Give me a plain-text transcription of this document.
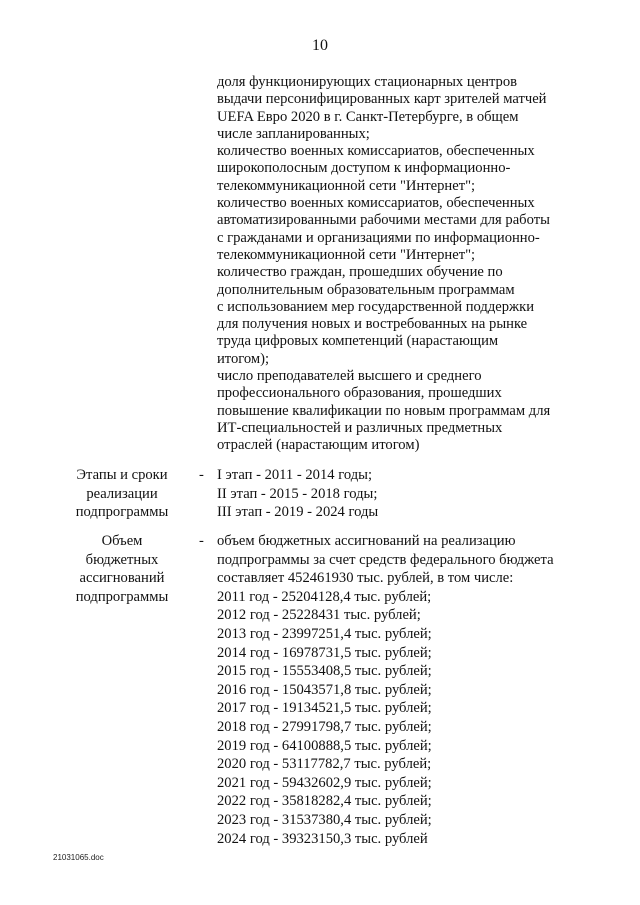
10
доля функционирующих стационарных центров
выдачи персонифицированных карт зрителей матчей
UEFA Евро 2020 в г. Санкт-Петербурге, в общем
числе запланированных;
количество военных комиссариатов, обеспеченных
широкополосным доступом к информационно-
телекоммуникационной сети "Интернет";
количество военных комиссариатов, обеспеченных
автоматизированными рабочими местами для работы
с гражданами и организациями по информационно-
телекоммуникационной сети "Интернет";
количество граждан, прошедших обучение по
дополнительным образовательным программам
с использованием мер государственной поддержки
для получения новых и востребованных на рынке
труда цифровых компетенций (нарастающим
итогом);
число преподавателей высшего и среднего
профессионального образования, прошедших
повышение квалификации по новым программам для
ИТ-специальностей и различных предметных
отраслей (нарастающим итогом)
Этапы и сроки
реализации
подпрограммы
- I этап - 2011 - 2014 годы;
II этап - 2015 - 2018 годы;
III этап - 2019 - 2024 годы
Объем
бюджетных
ассигнований
подпрограммы
- объем бюджетных ассигнований на реализацию
подпрограммы за счет средств федерального бюджета
составляет 452461930 тыс. рублей, в том числе:
2011 год - 25204128,4 тыс. рублей;
2012 год - 25228431 тыс. рублей;
2013 год - 23997251,4 тыс. рублей;
2014 год - 16978731,5 тыс. рублей;
2015 год - 15553408,5 тыс. рублей;
2016 год - 15043571,8 тыс. рублей;
2017 год - 19134521,5 тыс. рублей;
2018 год - 27991798,7 тыс. рублей;
2019 год - 64100888,5 тыс. рублей;
2020 год - 53117782,7 тыс. рублей;
2021 год - 59432602,9 тыс. рублей;
2022 год - 35818282,4 тыс. рублей;
2023 год - 31537380,4 тыс. рублей;
2024 год - 39323150,3 тыс. рублей
21031065.doc
